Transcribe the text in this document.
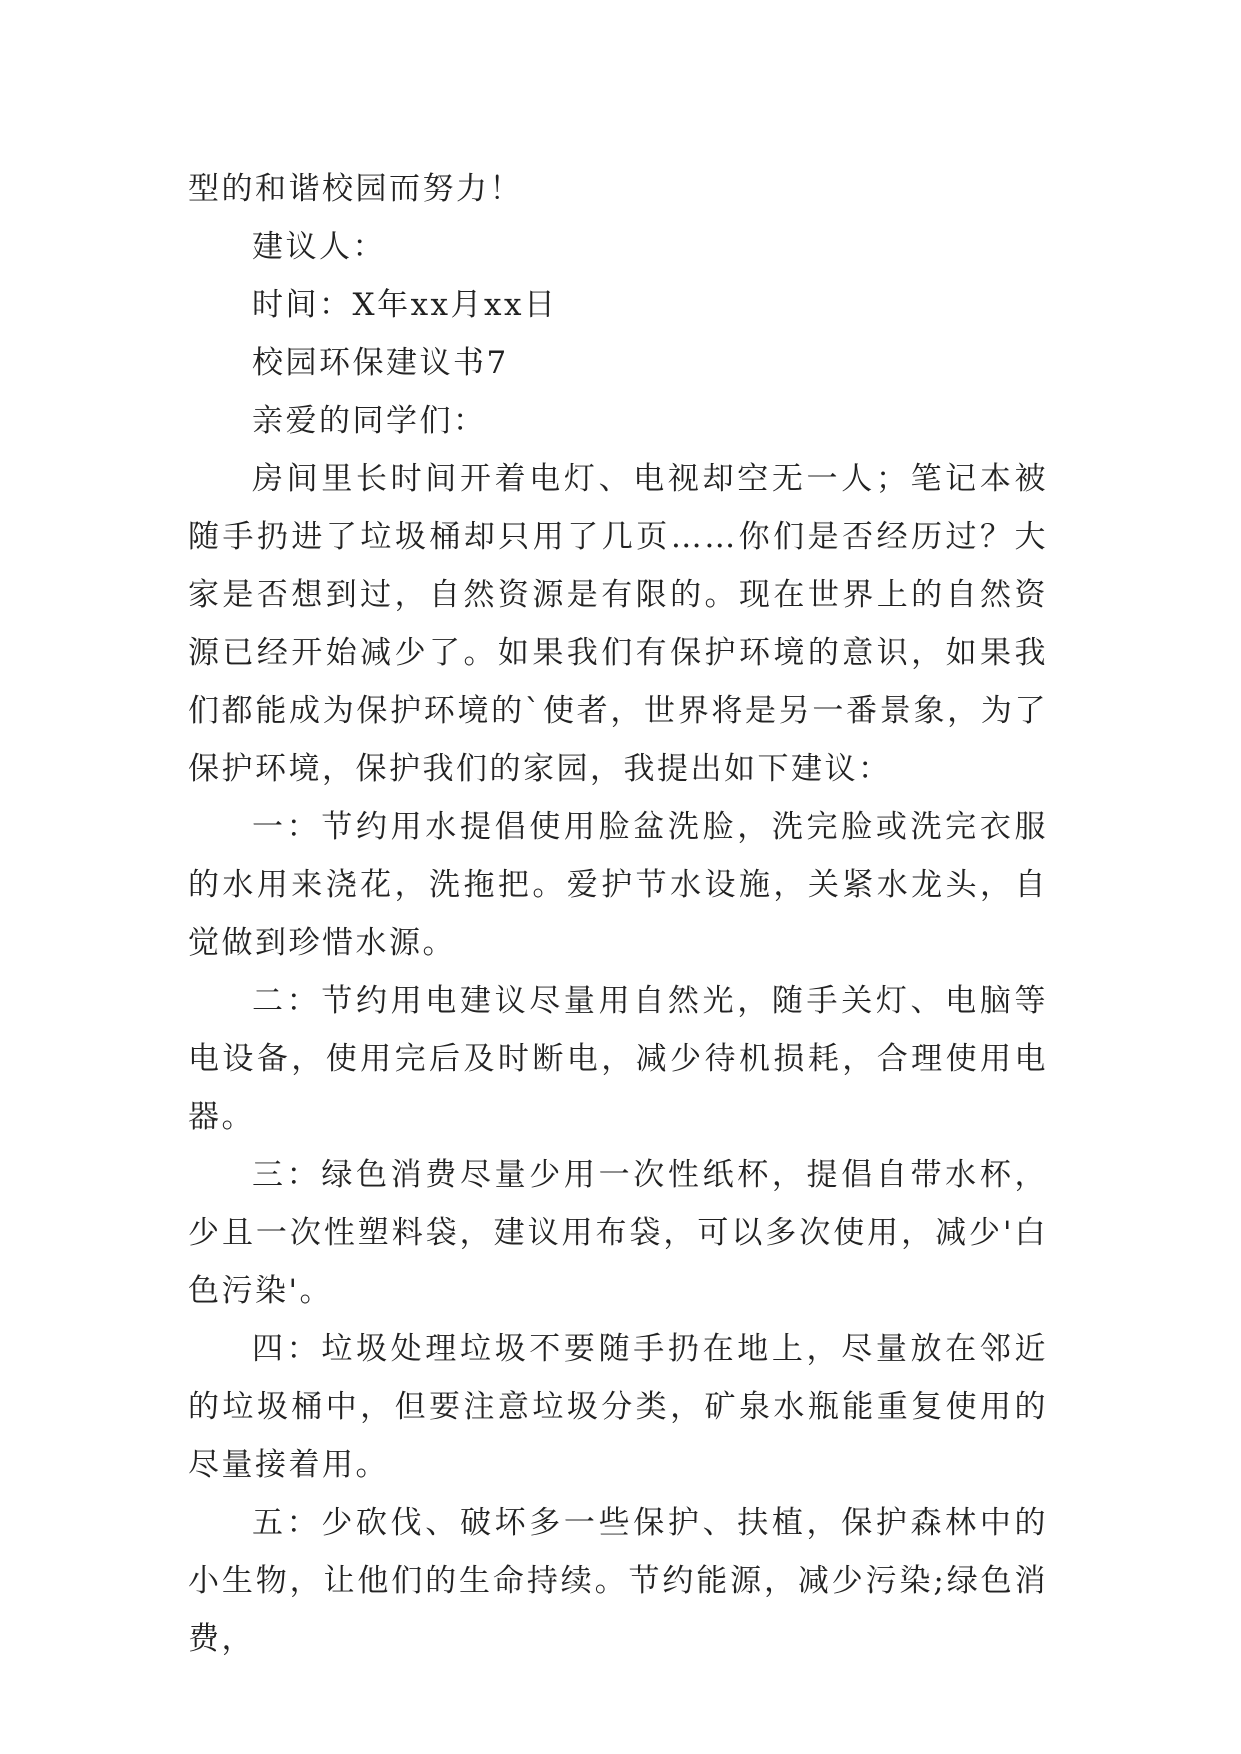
型的和谐校园而努力！

建议人：

时间：X年xx月xx日

校园环保建议书7

亲爱的同学们：

房间里长时间开着电灯、电视却空无一人；笔记本被随手扔进了垃圾桶却只用了几页……你们是否经历过？大家是否想到过，自然资源是有限的。现在世界上的自然资源已经开始减少了。如果我们有保护环境的意识，如果我们都能成为保护环境的`使者，世界将是另一番景象，为了保护环境，保护我们的家园，我提出如下建议：

一：节约用水提倡使用脸盆洗脸，洗完脸或洗完衣服的水用来浇花，洗拖把。爱护节水设施，关紧水龙头，自觉做到珍惜水源。

二：节约用电建议尽量用自然光，随手关灯、电脑等电设备，使用完后及时断电，减少待机损耗，合理使用电器。

三：绿色消费尽量少用一次性纸杯，提倡自带水杯，少且一次性塑料袋，建议用布袋，可以多次使用，减少'白色污染'。

四：垃圾处理垃圾不要随手扔在地上，尽量放在邻近的垃圾桶中，但要注意垃圾分类，矿泉水瓶能重复使用的尽量接着用。

五：少砍伐、破坏多一些保护、扶植，保护森林中的小生物，让他们的生命持续。节约能源，减少污染;绿色消费，
